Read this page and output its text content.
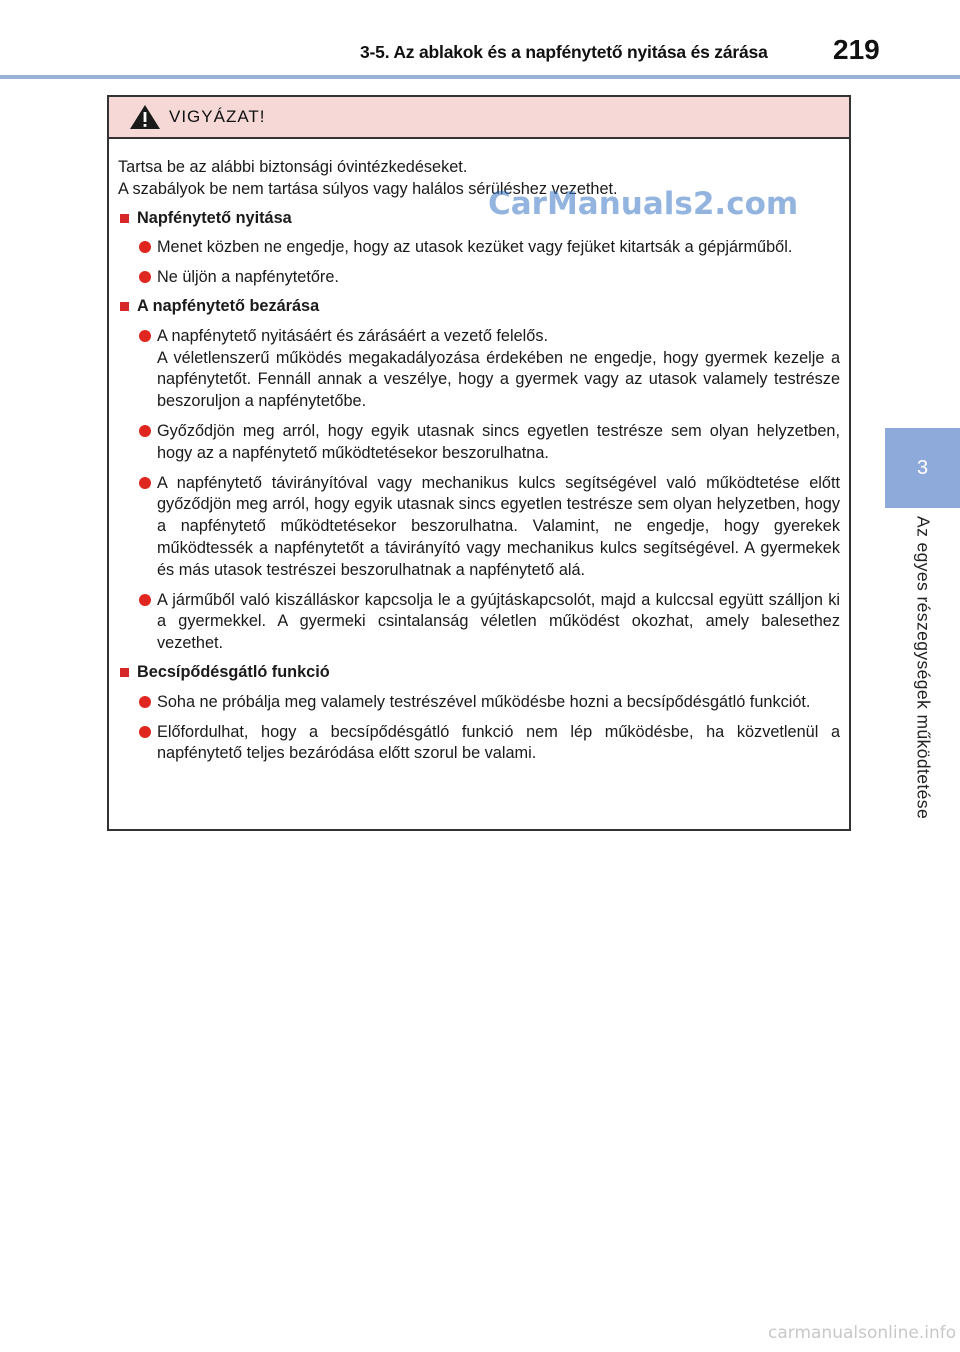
3-5. Az ablakok és a napfénytető nyitása és zárása	219
3
Az egyes részegységek működtetése
VIGYÁZAT!

Tartsa be az alábbi biztonsági óvintézkedéseket.

A szabályok be nem tartása súlyos vagy halálos sérüléshez vezethet.

Napfénytető nyitása

Menet közben ne engedje, hogy az utasok kezüket vagy fejüket kitartsák a gépjárműből.

Ne üljön a napfénytetőre.

A napfénytető bezárása

A napfénytető nyitásáért és zárásáért a vezető felelős.

A véletlenszerű működés megakadályozása érdekében ne engedje, hogy gyermek kezelje a napfénytetőt. Fennáll annak a veszélye, hogy a gyermek vagy az utasok valamely testrésze beszoruljon a napfénytetőbe.

Győződjön meg arról, hogy egyik utasnak sincs egyetlen testrésze sem olyan helyzetben, hogy az a napfénytető működtetésekor beszorulhatna.

A napfénytető távirányítóval vagy mechanikus kulcs segítségével való működtetése előtt győződjön meg arról, hogy egyik utasnak sincs egyetlen testrésze sem olyan helyzetben, hogy a napfénytető működtetésekor beszorulhatna. Valamint, ne engedje, hogy gyerekek működtessék a napfénytetőt a távirányító vagy mechanikus kulcs segítségével. A gyermekek és más utasok testrészei beszorulhatnak a napfénytető alá.

A járműből való kiszálláskor kapcsolja le a gyújtáskapcsolót, majd a kulccsal együtt szálljon ki a gyermekkel. A gyermeki csintalanság véletlen működést okozhat, amely balesethez vezethet.

Becsípődésgátló funkció

Soha ne próbálja meg valamely testrészével működésbe hozni a becsípődésgátló funkciót.

Előfordulhat, hogy a becsípődésgátló funkció nem lép működésbe, ha közvetlenül a napfénytető teljes bezáródása előtt szorul be valami.

CarManuals2.com
carmanualsonline.info
